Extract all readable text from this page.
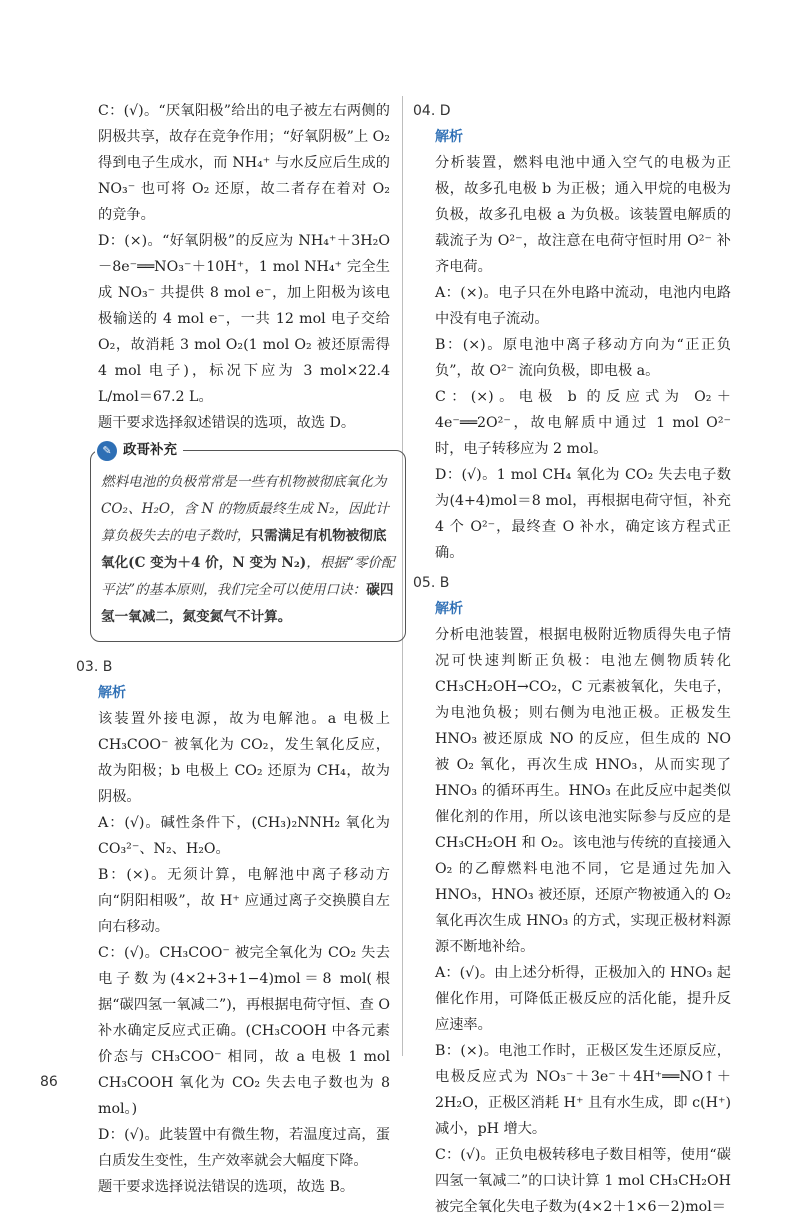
C：(√)。“厌氧阳极”给出的电子被左右两侧的阴极共享，故存在竞争作用；“好氧阴极”上 O₂ 得到电子生成水，而 NH₄⁺ 与水反应后生成的 NO₃⁻ 也可将 O₂ 还原，故二者存在着对 O₂ 的竞争。

D：(×)。“好氧阴极”的反应为 NH₄⁺＋3H₂O－8e⁻══NO₃⁻＋10H⁺，1 mol NH₄⁺ 完全生成 NO₃⁻ 共提供 8 mol e⁻，加上阳极为该电极输送的 4 mol e⁻，一共 12 mol 电子交给 O₂，故消耗 3 mol O₂(1 mol O₂ 被还原需得 4 mol 电子)，标况下应为 3 mol×22.4 L/mol＝67.2 L。

题干要求选择叙述错误的选项，故选 D。

✎ 政哥补充
燃料电池的负极常常是一些有机物被彻底氧化为 CO₂、H₂O，含 N 的物质最终生成 N₂，因此计算负极失去的电子数时，只需满足有机物被彻底氧化(C 变为＋4 价，N 变为 N₂)，根据“零价配平法”的基本原则，我们完全可以使用口诀：碳四氢一氧减二，氮变氮气不计算。
03. B
解析

该装置外接电源，故为电解池。a 电极上 CH₃COO⁻ 被氧化为 CO₂，发生氧化反应，故为阳极；b 电极上 CO₂ 还原为 CH₄，故为阴极。

A：(√)。碱性条件下，(CH₃)₂NNH₂ 氧化为 CO₃²⁻、N₂、H₂O。

B：(×)。无须计算，电解池中离子移动方向“阴阳相吸”，故 H⁺ 应通过离子交换膜自左向右移动。

C：(√)。CH₃COO⁻ 被完全氧化为 CO₂ 失去电子数为(4×2+3+1−4)mol＝8 mol(根据“碳四氢一氧减二”)，再根据电荷守恒、查 O 补水确定反应式正确。(CH₃COOH 中各元素价态与 CH₃COO⁻ 相同，故 a 电极 1 mol CH₃COOH 氧化为 CO₂ 失去电子数也为 8 mol。)

D：(√)。此装置中有微生物，若温度过高，蛋白质发生变性，生产效率就会大幅度下降。

题干要求选择说法错误的选项，故选 B。

04. D
解析

分析装置，燃料电池中通入空气的电极为正极，故多孔电极 b 为正极；通入甲烷的电极为负极，故多孔电极 a 为负极。该装置电解质的载流子为 O²⁻，故注意在电荷守恒时用 O²⁻ 补齐电荷。

A：(×)。电子只在外电路中流动，电池内电路中没有电子流动。

B：(×)。原电池中离子移动方向为“正正负负”，故 O²⁻ 流向负极，即电极 a。

C：(×)。电极 b 的反应式为 O₂＋4e⁻══2O²⁻，故电解质中通过 1 mol O²⁻ 时，电子转移应为 2 mol。

D：(√)。1 mol CH₄ 氧化为 CO₂ 失去电子数为(4+4)mol＝8 mol，再根据电荷守恒，补充 4 个 O²⁻，最终查 O 补水，确定该方程式正确。

05. B
解析

分析电池装置，根据电极附近物质得失电子情况可快速判断正负极：电池左侧物质转化 CH₃CH₂OH→CO₂，C 元素被氧化，失电子，为电池负极；则右侧为电池正极。正极发生 HNO₃ 被还原成 NO 的反应，但生成的 NO 被 O₂ 氧化，再次生成 HNO₃，从而实现了 HNO₃ 的循环再生。HNO₃ 在此反应中起类似催化剂的作用，所以该电池实际参与反应的是 CH₃CH₂OH 和 O₂。该电池与传统的直接通入 O₂ 的乙醇燃料电池不同，它是通过先加入 HNO₃，HNO₃ 被还原，还原产物被通入的 O₂ 氧化再次生成 HNO₃ 的方式，实现正极材料源源不断地补给。

A：(√)。由上述分析得，正极加入的 HNO₃ 起催化作用，可降低正极反应的活化能，提升反应速率。

B：(×)。电池工作时，正极区发生还原反应，电极反应式为 NO₃⁻＋3e⁻＋4H⁺══NO↑＋2H₂O，正极区消耗 H⁺ 且有水生成，即 c(H⁺)减小，pH 增大。

C：(√)。正负电极转移电子数目相等，使用“碳四氢一氧减二”的口诀计算 1 mol CH₃CH₂OH 被完全氧化失电子数为(4×2＋1×6－2)mol＝

86
